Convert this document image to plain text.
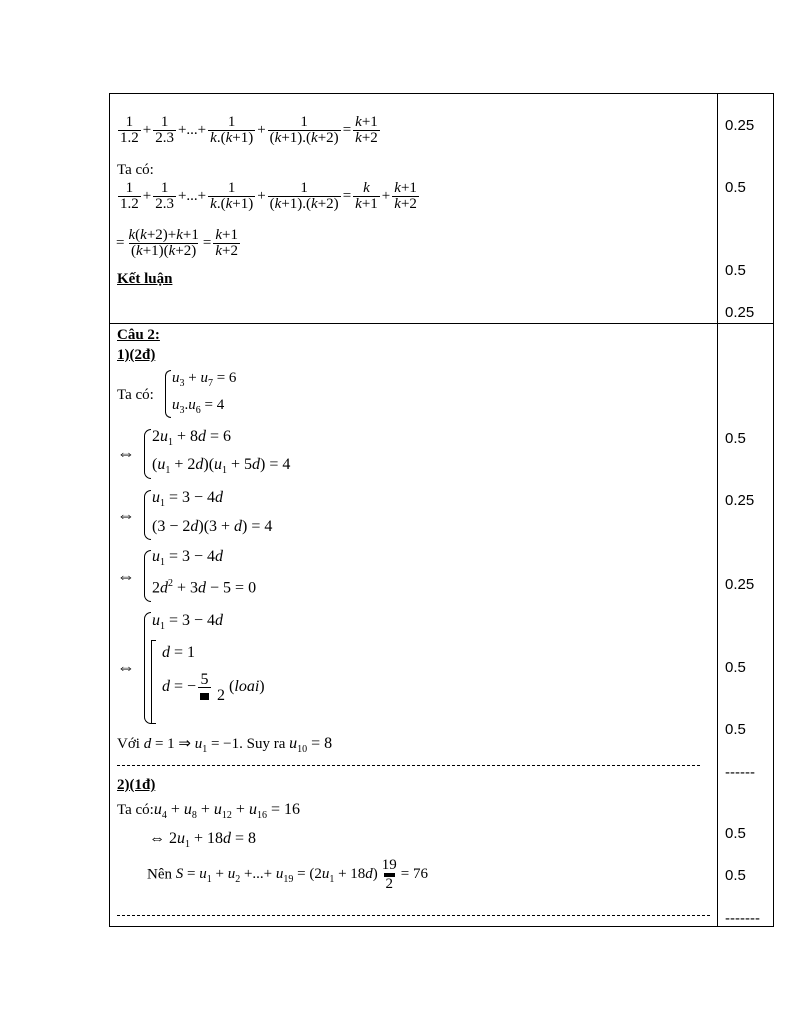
$\frac{1}{1.2} + \frac{1}{2.3}$ +...+ $\frac{1}{k.(k+1)} + \frac{1}{(k+1).(k+2)} = \frac{k+1}{k+2}$
Ta có:
$\frac{1}{1.2} + \frac{1}{2.3}$ +...+ $\frac{1}{k.(k+1)} + \frac{1}{(k+1).(k+2)} = \frac{k}{k+1} + \frac{k+1}{k+2}$
= $\frac{k(k+2)+k+1}{(k+1)(k+2)} = \frac{k+1}{k+2}$
Kết luận
0.25
0.5
0.5
0.25
Câu 2:
1)(2đ)
Ta có:
$u_3 + u_7 = 6$
$u_3.u_6 = 4$
⇔
$2u_1 + 8d = 6$
$(u_1 + 2d)(u_1 + 5d) = 4$
⇔
$u_1 = 3 - 4d$
(3 − 2d)(3 + d) = 4
⇔
$u_1 = 3 - 4d$
$2d^2 + 3d - 5 = 0$
⇔
$u_1 = 3 - 4d$
d = 1
d = − 5

2 (loai)
Với d = 1 ⇒ $u_1 = -1$. Suy ra $u_{10} = 8$
2)(1đ)
Ta $có:u_4 + u_8 + u_{12} + u_{16} = 16$
⇔ $2u_1 + 18d = 8$
Nên $S = u_1 + u_2$ +...+ $u_{19} = (2u_1 + 18d) \frac{19}{2} = 76$
0.5
0.25
0.25
0.5
0.5
------
0.5
0.5
-------
